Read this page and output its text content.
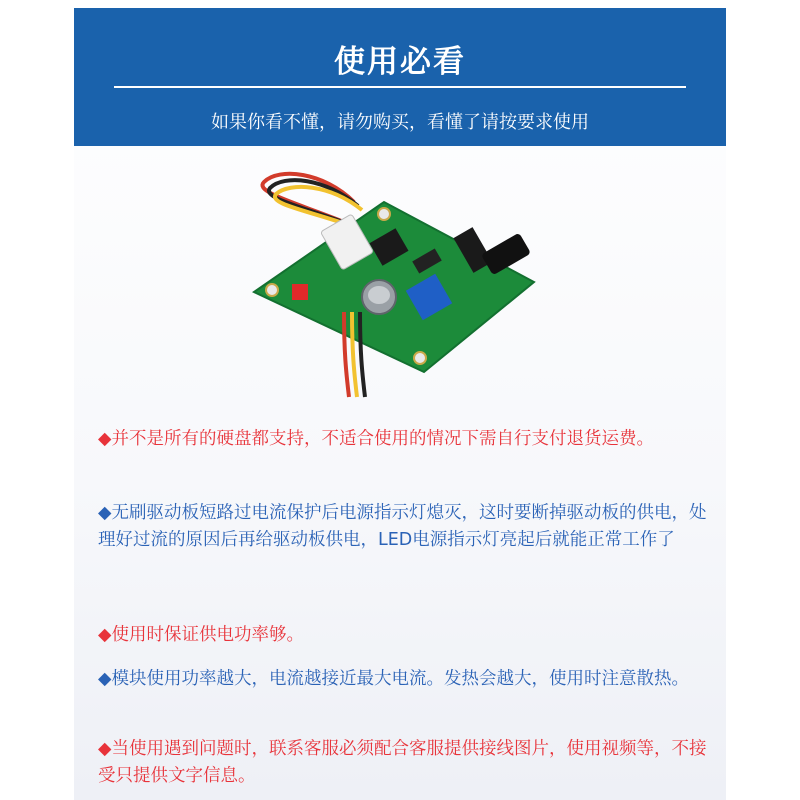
使用必看
如果你看不懂，请勿购买，看懂了请按要求使用
◆并不是所有的硬盘都支持，不适合使用的情况下需自行支付退货运费。
◆无刷驱动板短路过电流保护后电源指示灯熄灭，这时要断掉驱动板的供电，处理好过流的原因后再给驱动板供电，LED电源指示灯亮起后就能正常工作了
◆使用时保证供电功率够。
◆模块使用功率越大，电流越接近最大电流。发热会越大，使用时注意散热。
◆当使用遇到问题时，联系客服必须配合客服提供接线图片，使用视频等，不接受只提供文字信息。
